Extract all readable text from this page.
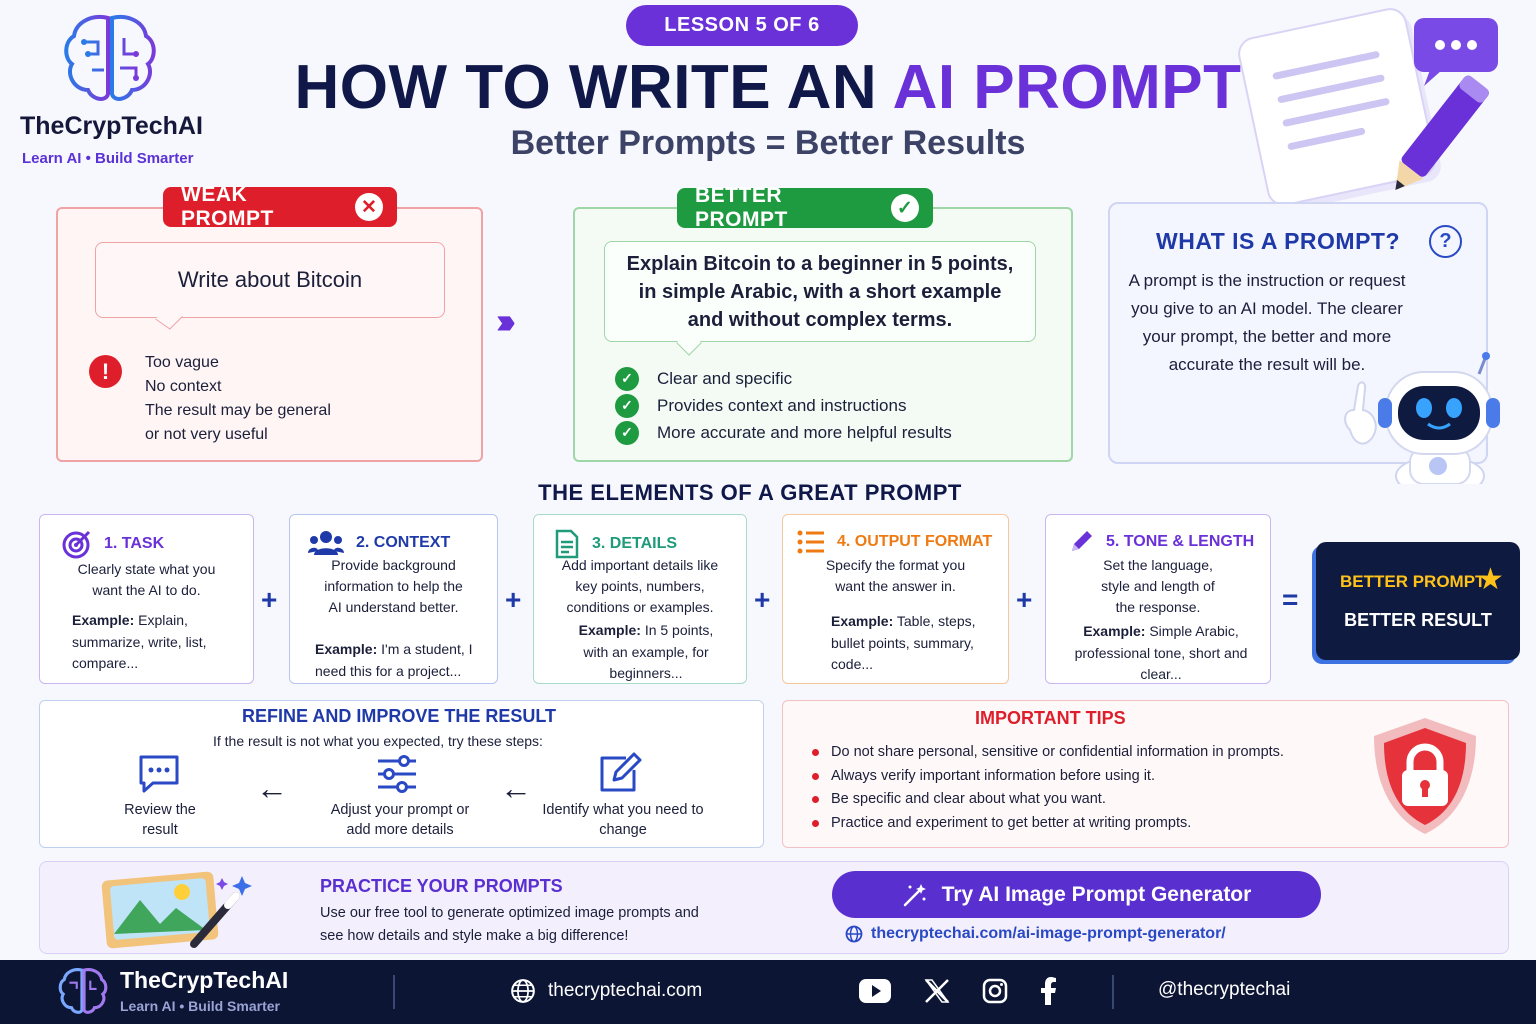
TheCrypTechAI
Learn AI • Build Smarter
LESSON 5 OF 6
HOW TO WRITE AN AI PROMPT
Better Prompts = Better Results
WEAK PROMPT	✕
Write about Bitcoin
!	Too vague
No context
The result may be general
or not very useful
›››
BETTER PROMPT	✓
Explain Bitcoin to a beginner in 5 points, in simple Arabic, with a short example and without complex terms.
✓	Clear and specific
✓	Provides context and instructions
✓	More accurate and more helpful results
WHAT IS A PROMPT?	?
A prompt is the instruction or request you give to an AI model. The clearer your prompt, the better and more accurate the result will be.
THE ELEMENTS OF A GREAT PROMPT
1. TASK
Clearly state what you want the AI to do.
Example: Explain, summarize, write, list, compare...
+
2. CONTEXT
Provide background information to help the AI understand better.
Example: I'm a student, I need this for a project...
+
3. DETAILS
Add important details like key points, numbers, conditions or examples.
Example: In 5 points, with an example, for beginners...
+
4. OUTPUT FORMAT
Specify the format you want the answer in.
Example: Table, steps, bullet points, summary, code...
+
5. TONE & LENGTH
Set the language, style and length of the response.
Example: Simple Arabic, professional tone, short and clear...
=
BETTER PROMPT
★
BETTER RESULT
REFINE AND IMPROVE THE RESULT
If the result is not what you expected, try these steps:
Review the result
←
Adjust your prompt or add more details
←
Identify what you need to change
IMPORTANT TIPS
Do not share personal, sensitive or confidential information in prompts.
Always verify important information before using it.
Be specific and clear about what you want.
Practice and experiment to get better at writing prompts.
PRACTICE YOUR PROMPTS
Use our free tool to generate optimized image prompts and see how details and style make a big difference!
Try AI Image Prompt Generator
thecryptechai.com/ai-image-prompt-generator/
TheCrypTechAI
Learn AI • Build Smarter
thecryptechai.com	@thecryptechai
